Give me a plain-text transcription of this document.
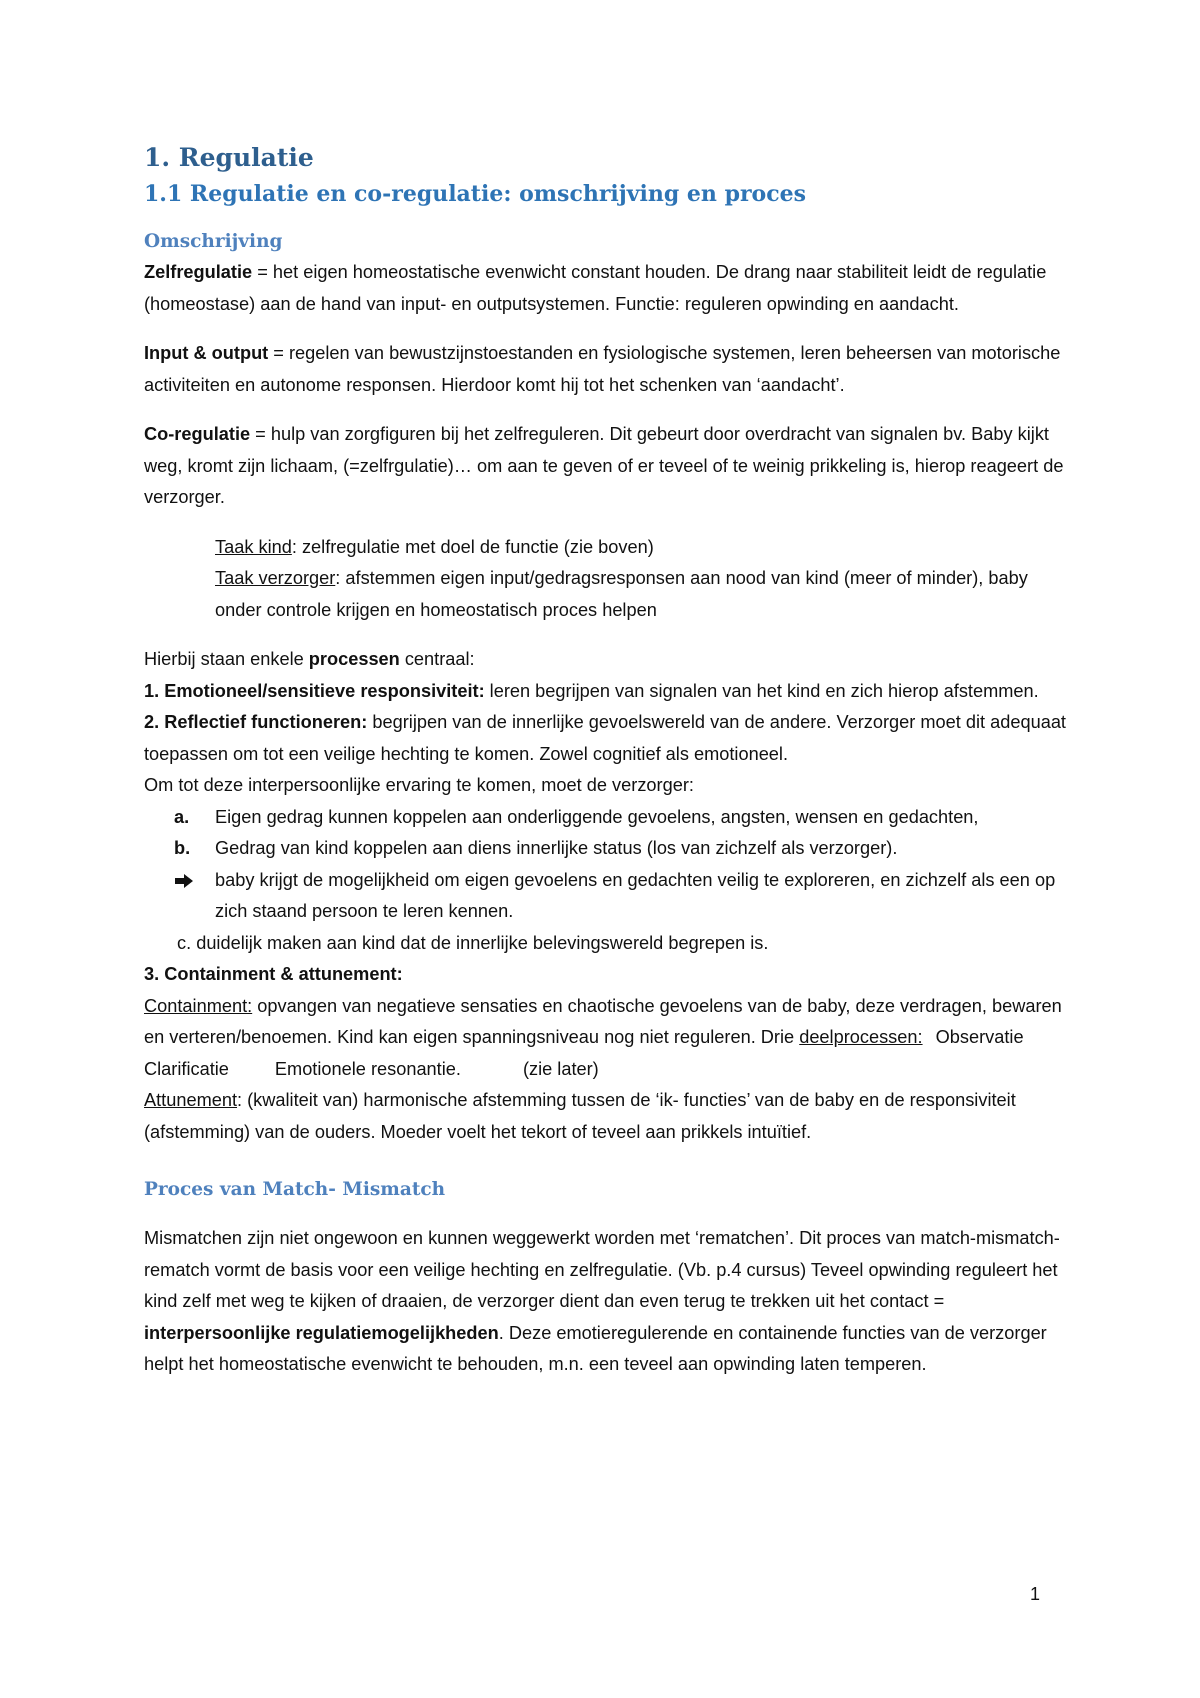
1. Regulatie
1.1 Regulatie en co-regulatie: omschrijving en proces
Omschrijving

Zelfregulatie = het eigen homeostatische evenwicht constant houden. De drang naar stabiliteit leidt de regulatie (homeostase) aan de hand van input- en outputsystemen. Functie: reguleren opwinding en aandacht.

Input & output = regelen van bewustzijnstoestanden en fysiologische systemen, leren beheersen van motorische activiteiten en autonome responsen. Hierdoor komt hij tot het schenken van ‘aandacht’.

Co-regulatie = hulp van zorgfiguren bij het zelfreguleren. Dit gebeurt door overdracht van signalen bv. Baby kijkt weg, kromt zijn lichaam, (=zelfrgulatie)… om aan te geven of er teveel of te weinig prikkeling is, hierop reageert de verzorger.

Taak kind: zelfregulatie met doel de functie (zie boven)

Taak verzorger: afstemmen eigen input/gedragsresponsen aan nood van kind (meer of minder), baby onder controle krijgen en homeostatisch proces helpen

Hierbij staan enkele processen centraal:

1. Emotioneel/sensitieve responsiviteit: leren begrijpen van signalen van het kind en zich hierop afstemmen.

2. Reflectief functioneren: begrijpen van de innerlijke gevoelswereld van de andere. Verzorger moet dit adequaat toepassen om tot een veilige hechting te komen. Zowel cognitief als emotioneel.

Om tot deze interpersoonlijke ervaring te komen, moet de verzorger:

a.	Eigen gedrag kunnen koppelen aan onderliggende gevoelens, angsten, wensen en gedachten,
b.	Gedrag van kind koppelen aan diens innerlijke status (los van zichzelf als verzorger).
baby krijgt de mogelijkheid om eigen gevoelens en gedachten veilig te exploreren, en zichzelf als een op zich staand persoon te leren kennen.

c. duidelijk maken aan kind dat de innerlijke belevingswereld begrepen is.

3. Containment & attunement:

Containment: opvangen van negatieve sensaties en chaotische gevoelens van de baby, deze verdragen, bewaren en verteren/benoemen. Kind kan eigen spanningsniveau nog niet reguleren. Drie deelprocessen: ObservatieClarificatie	Emotionele resonantie.	(zie later)

Attunement: (kwaliteit van) harmonische afstemming tussen de ‘ik- functies’ van de baby en de responsiviteit (afstemming) van de ouders. Moeder voelt het tekort of teveel aan prikkels intuïtief.

Proces van Match- Mismatch

Mismatchen zijn niet ongewoon en kunnen weggewerkt worden met ‘rematchen’. Dit proces van match-mismatch-rematch vormt de basis voor een veilige hechting en zelfregulatie. (Vb. p.4 cursus) Teveel opwinding reguleert het kind zelf met weg te kijken of draaien, de verzorger dient dan even terug te trekken uit het contact = interpersoonlijke regulatiemogelijkheden. Deze emotieregulerende en containende functies van de verzorger helpt het homeostatische evenwicht te behouden, m.n. een teveel aan opwinding laten temperen.

1
